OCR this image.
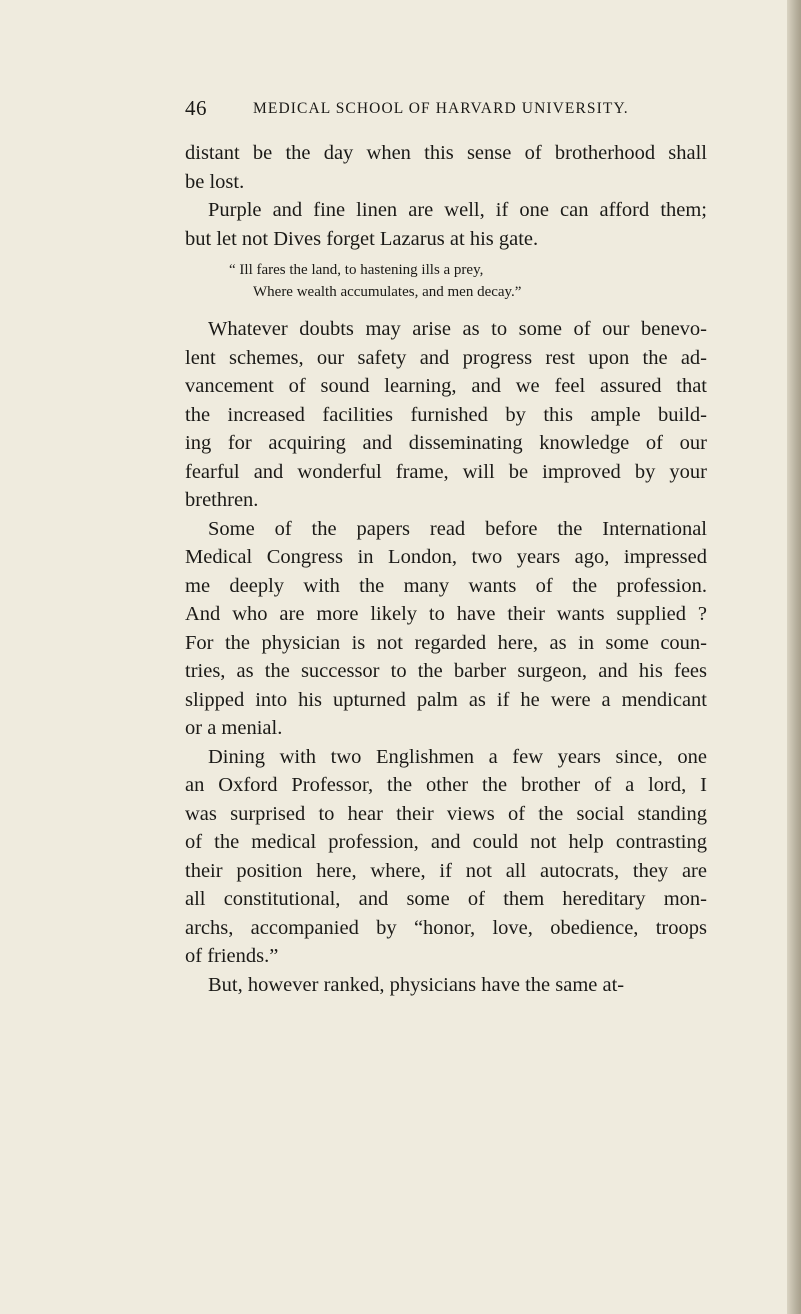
46	MEDICAL SCHOOL OF HARVARD UNIVERSITY.
distant be the day when this sense of brotherhood shall
be lost.
Purple and fine linen are well, if one can afford them;
but let not Dives forget Lazarus at his gate.
“ Ill fares the land, to hastening ills a prey,
Where wealth accumulates, and men decay.”
Whatever doubts may arise as to some of our benevo-
lent schemes, our safety and progress rest upon the ad-
vancement of sound learning, and we feel assured that
the increased facilities furnished by this ample build-
ing for acquiring and disseminating knowledge of our
fearful and wonderful frame, will be improved by your
brethren.
Some of the papers read before the International
Medical Congress in London, two years ago, impressed
me deeply with the many wants of the profession.
And who are more likely to have their wants supplied ?
For the physician is not regarded here, as in some coun-
tries, as the successor to the barber surgeon, and his fees
slipped into his upturned palm as if he were a mendicant
or a menial.
Dining with two Englishmen a few years since, one
an Oxford Professor, the other the brother of a lord, I
was surprised to hear their views of the social standing
of the medical profession, and could not help contrasting
their position here, where, if not all autocrats, they are
all constitutional, and some of them hereditary mon-
archs, accompanied by “honor, love, obedience, troops
of friends.”
But, however ranked, physicians have the same at-
